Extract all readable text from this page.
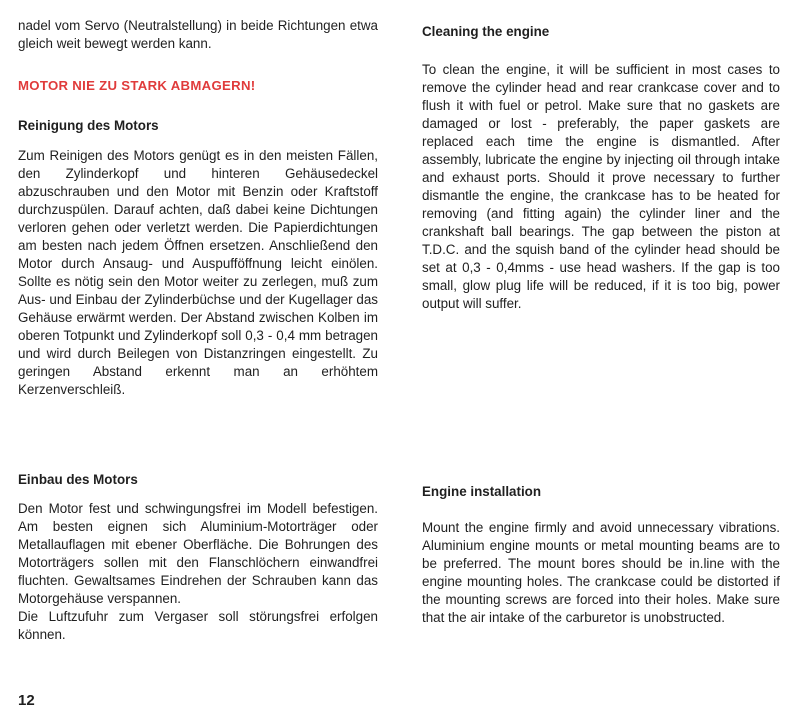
nadel vom Servo (Neutralstellung) in beide Richtungen etwa gleich weit bewegt werden kann.

MOTOR NIE ZU STARK ABMAGERN!

Reinigung des Motors

Zum Reinigen des Motors genügt es in den meisten Fällen, den Zylinderkopf und hinteren Gehäusedeckel abzuschrauben und den Motor mit Benzin oder Kraftstoff durchzuspülen. Darauf achten, daß dabei keine Dichtungen verloren gehen oder verletzt werden. Die Papierdichtungen am besten nach jedem Öffnen ersetzen. Anschließend den Motor durch Ansaug- und Auspufföffnung leicht einölen. Sollte es nötig sein den Motor weiter zu zerlegen, muß zum Aus- und Einbau der Zylinderbüchse und der Kugellager das Gehäuse erwärmt werden. Der Abstand zwischen Kolben im oberen Totpunkt und Zylinderkopf soll 0,3 - 0,4 mm betragen und wird durch Beilegen von Distanzringen eingestellt. Zu geringen Abstand erkennt man an erhöhtem Kerzenverschleiß.

Einbau des Motors

Den Motor fest und schwingungsfrei im Modell befestigen. Am besten eignen sich Aluminium-Motorträger oder Metallauflagen mit ebener Oberfläche. Die Bohrungen des Motorträgers sollen mit den Flanschlöchern einwandfrei fluchten. Gewaltsames Eindrehen der Schrauben kann das Motorgehäuse verspannen.

Die Luftzufuhr zum Vergaser soll störungsfrei erfolgen können.

Cleaning the engine

To clean the engine, it will be sufficient in most cases to remove the cylinder head and rear crankcase cover and to flush it with fuel or petrol. Make sure that no gaskets are damaged or lost - preferably, the paper gaskets are replaced each time the engine is dismantled. After assembly, lubricate the engine by injecting oil through intake and exhaust ports. Should it prove necessary to further dismantle the engine, the crankcase has to be heated for removing (and fitting again) the cylinder liner and the crankshaft ball bearings. The gap between the piston at T.D.C. and the squish band of the cylinder head should be set at 0,3 - 0,4mms - use head washers. If the gap is too small, glow plug life will be reduced, if it is too big, power output will suffer.

Engine installation

Mount the engine firmly and avoid unnecessary vibrations. Aluminium engine mounts or metal mounting beams are to be preferred. The mount bores should be in.line with the engine mounting holes. The crankcase could be distorted if the mounting screws are forced into their holes. Make sure that the air intake of the carburetor is unobstructed.

12
